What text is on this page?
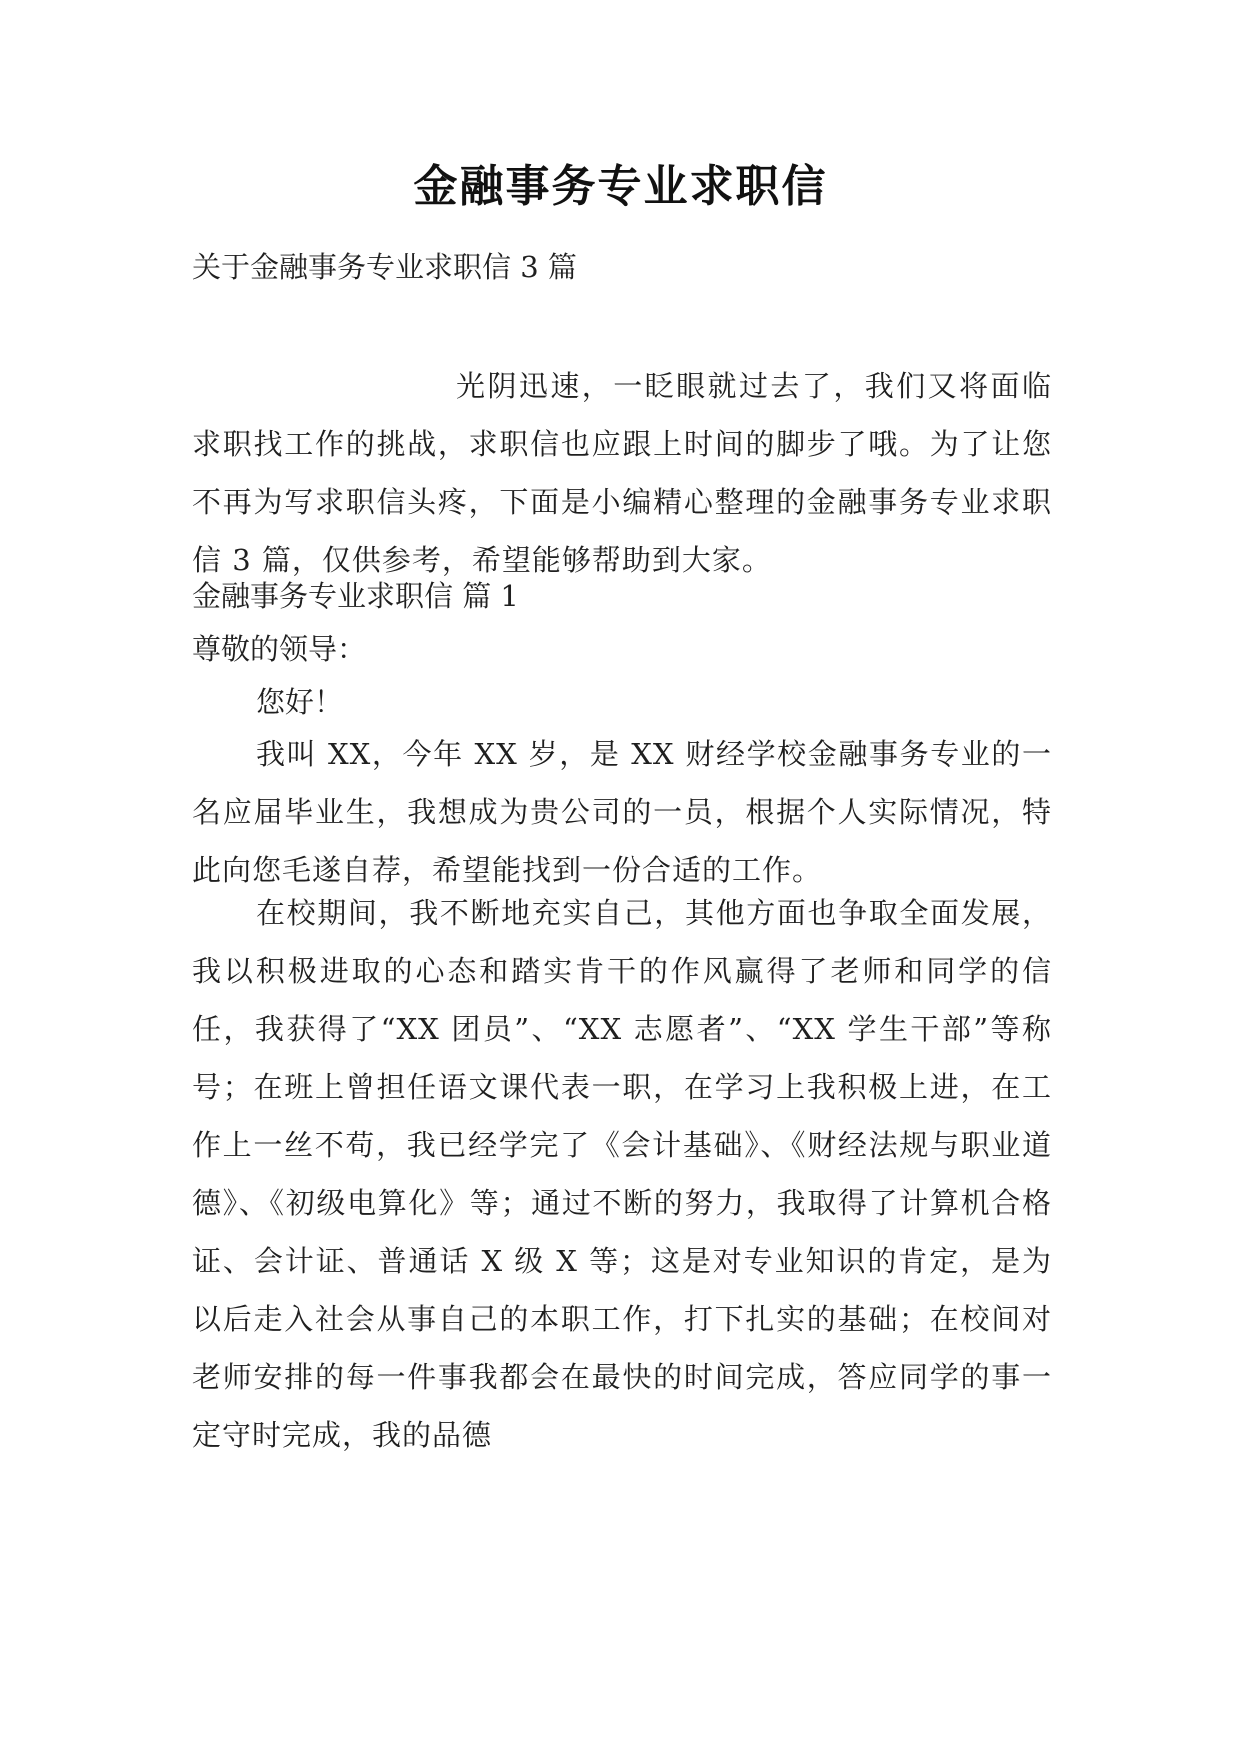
金融事务专业求职信
关于金融事务专业求职信 3 篇
光阴迅速，一眨眼就过去了，我们又将面临求职找工作的挑战，求职信也应跟上时间的脚步了哦。为了让您不再为写求职信头疼，下面是小编精心整理的金融事务专业求职信 3 篇，仅供参考，希望能够帮助到大家。
金融事务专业求职信 篇 1
尊敬的领导：
您好！
我叫 XX，今年 XX 岁，是 XX 财经学校金融事务专业的一名应届毕业生，我想成为贵公司的一员，根据个人实际情况，特此向您毛遂自荐，希望能找到一份合适的工作。
在校期间，我不断地充实自己，其他方面也争取全面发展，我以积极进取的心态和踏实肯干的作风赢得了老师和同学的信任，我获得了“XX 团员”、“XX 志愿者”、“XX 学生干部”等称号；在班上曾担任语文课代表一职，在学习上我积极上进，在工作上一丝不苟，我已经学完了《会计基础》、《财经法规与职业道德》、《初级电算化》等；通过不断的努力，我取得了计算机合格证、会计证、普通话 X 级 X 等；这是对专业知识的肯定，是为以后走入社会从事自己的本职工作，打下扎实的基础；在校间对老师安排的每一件事我都会在最快的时间完成，答应同学的事一定守时完成，我的品德
